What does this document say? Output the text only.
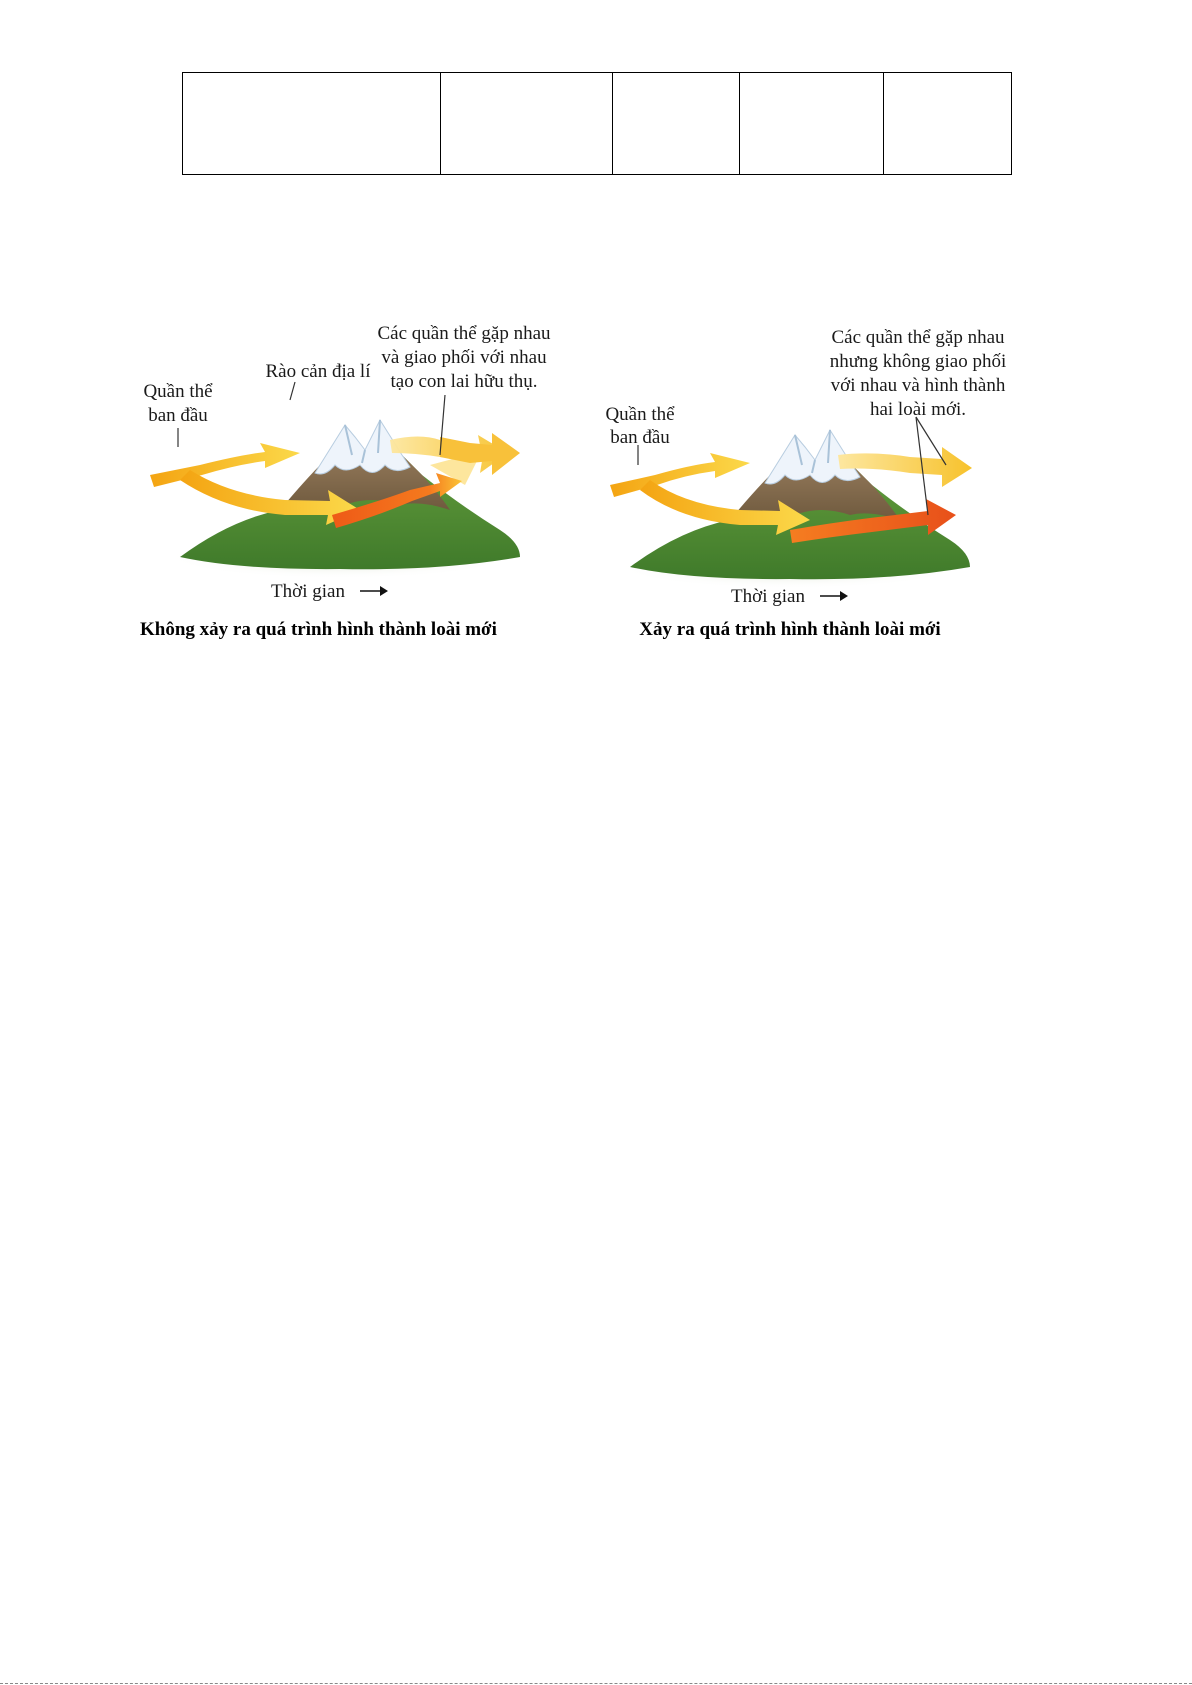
Quần thể
ban đầu
Rào cản địa lí
Các quần thể gặp nhau
và giao phối với nhau
tạo con lai hữu thụ.
Thời gian
Không xảy ra quá trình hình thành loài mới
Quần thể
ban đầu
Các quần thể gặp nhau
nhưng không giao phối
với nhau và hình thành
hai loài mới.
Thời gian
Xảy ra quá trình hình thành loài mới
